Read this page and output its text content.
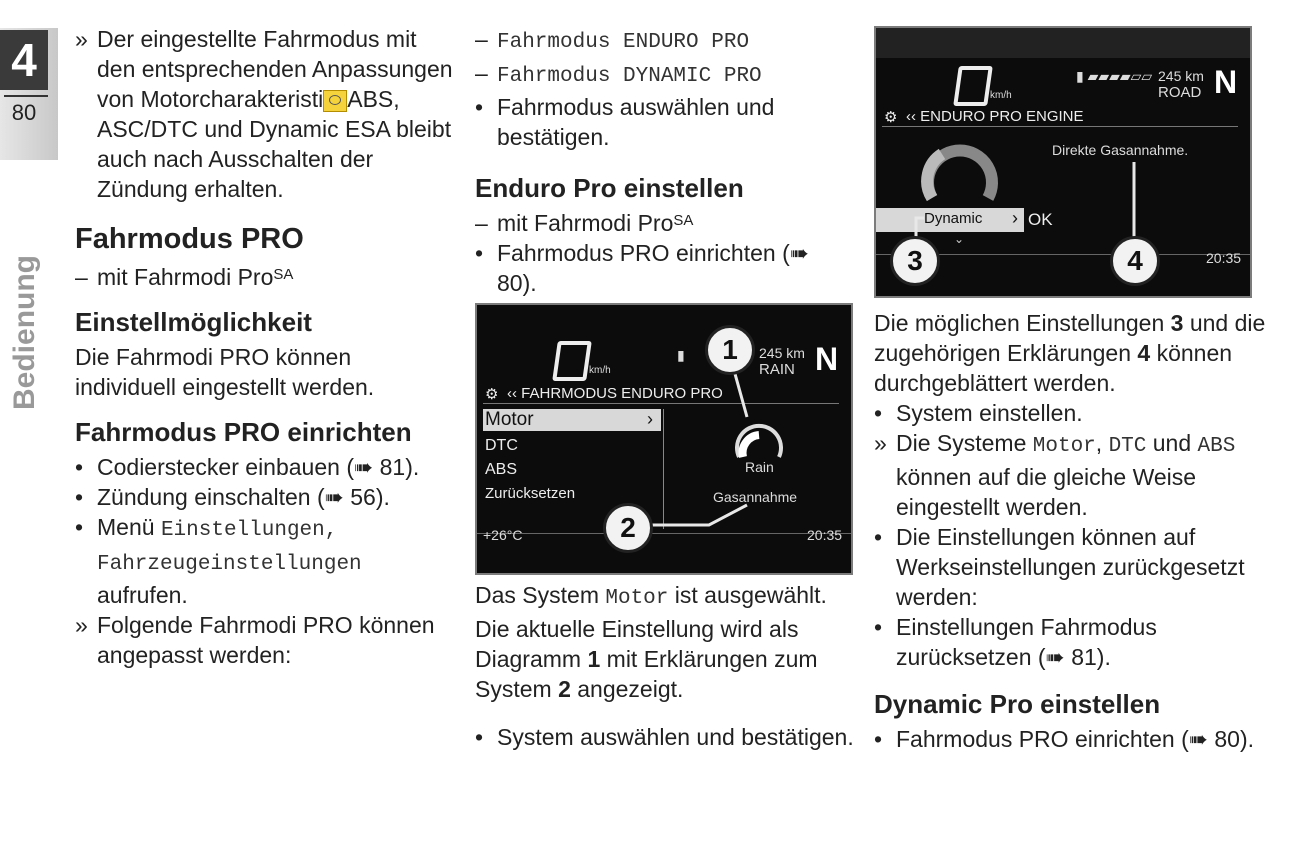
4
80
Bedienung
» Der eingestellte Fahrmodus mit den entsprechenden Anpassungen von Motorcharakteristi ABS, ASC/DTC und Dynamic ESA bleibt auch nach Ausschalten der Zündung erhalten.
Fahrmodus PRO
– mit Fahrmodi Pro$^{SA}$
Einstellmöglichkeit

Die Fahrmodi PRO können individuell eingestellt werden.

Fahrmodus PRO einrichten
• Codierstecker einbauen (➠ 81).
• Zündung einschalten (➠ 56).
• Menü Einstellungen,
Fahrzeugeinstellungen
aufrufen.
» Folgende Fahrmodi PRO können angepasst werden:
– Fahrmodus ENDURO PRO
– Fahrmodus DYNAMIC PRO
• Fahrmodus auswählen und bestätigen.
Enduro Pro einstellen
– mit Fahrmodi Pro$^{SA}$
• Fahrmodus PRO einrichten (➠ 80).

Das System Motor ist ausgewählt. Die aktuelle Einstellung wird als Diagramm 1 mit Erklärungen zum System 2 angezeigt.

• System auswählen und bestätigen.
km/h
▮	245 km
RAIN N
⚙ ‹‹ FAHRMODUS ENDURO PRO
Motor	›
DTC
ABS
Zurücksetzen
Rain
Gasannahme
+26°C	20:35
1
2
km/h
▮ ▰▰▰▰▱▱ 245 km
ROAD N
⚙ ‹‹ ENDURO PRO ENGINE
Direkte Gasannahme.
Dynamic › OK
⌄
20:35
3	4

Die möglichen Einstellungen 3 und die zugehörigen Erklärungen 4 können durchgeblättert werden.

• System einstellen.
» Die Systeme Motor, DTC und ABS können auf die gleiche Weise eingestellt werden.
• Die Einstellungen können auf Werkseinstellungen zurückgesetzt werden:
• Einstellungen Fahrmodus zurücksetzen (➠ 81).
Dynamic Pro einstellen
• Fahrmodus PRO einrichten (➠ 80).
